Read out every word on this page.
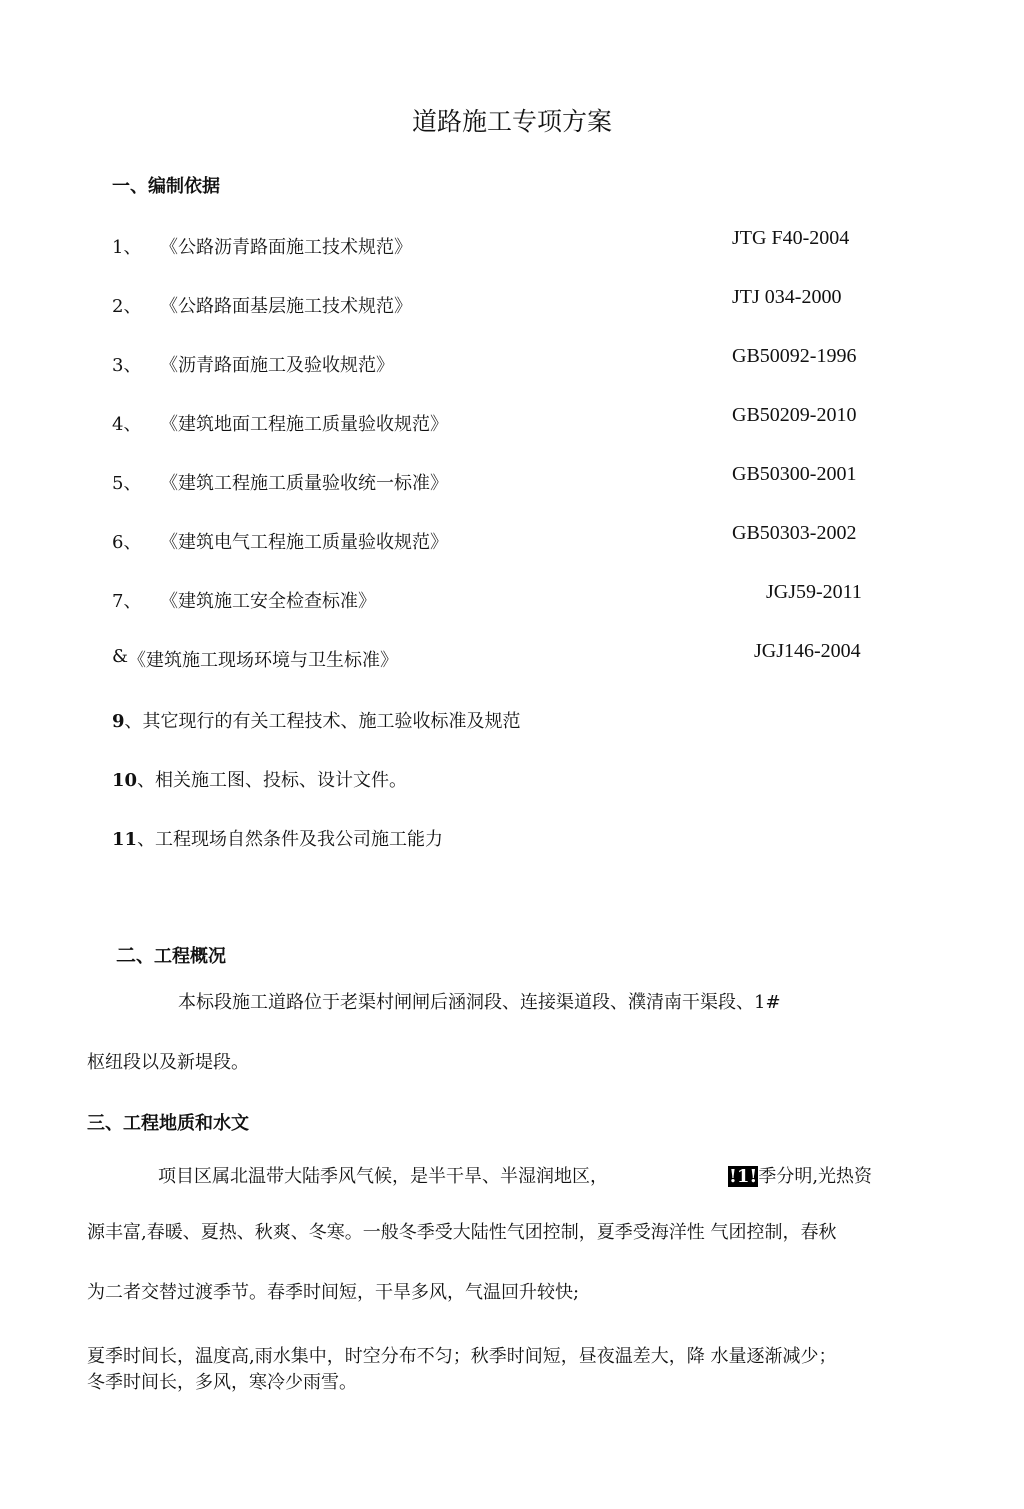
道路施工专项方案
一、编制依据
1、 《公路沥青路面施工技术规范》	JTG F40-2004
2、 《公路路面基层施工技术规范》	JTJ 034-2000
3、 《沥青路面施工及验收规范》	GB50092-1996
4、 《建筑地面工程施工质量验收规范》	GB50209-2010
5、 《建筑工程施工质量验收统一标准》	GB50300-2001
6、 《建筑电气工程施工质量验收规范》	GB50303-2002
7、 《建筑施工安全检查标准》	JGJ59-2011
& 《建筑施工现场环境与卫生标准》	JGJ146-2004
9、其它现行的有关工程技术、施工验收标准及规范
10、相关施工图、投标、设计文件。
11、工程现场自然条件及我公司施工能力
二、工程概况
本标段施工道路位于老渠村闸闸后涵洞段、连接渠道段、濮清南干渠段、1#
枢纽段以及新堤段。
三、工程地质和水文
项目区属北温带大陆季风气候，是半干旱、半湿润地区，	!1!季分明,光热资
源丰富,春暖、夏热、秋爽、冬寒。一般冬季受大陆性气团控制，夏季受海洋性 气团控制，春秋
为二者交替过渡季节。春季时间短，干旱多风，气温回升较快;
夏季时间长，温度高,雨水集中，时空分布不匀；秋季时间短，昼夜温差大，降 水量逐渐减少；
冬季时间长，多风，寒冷少雨雪。
